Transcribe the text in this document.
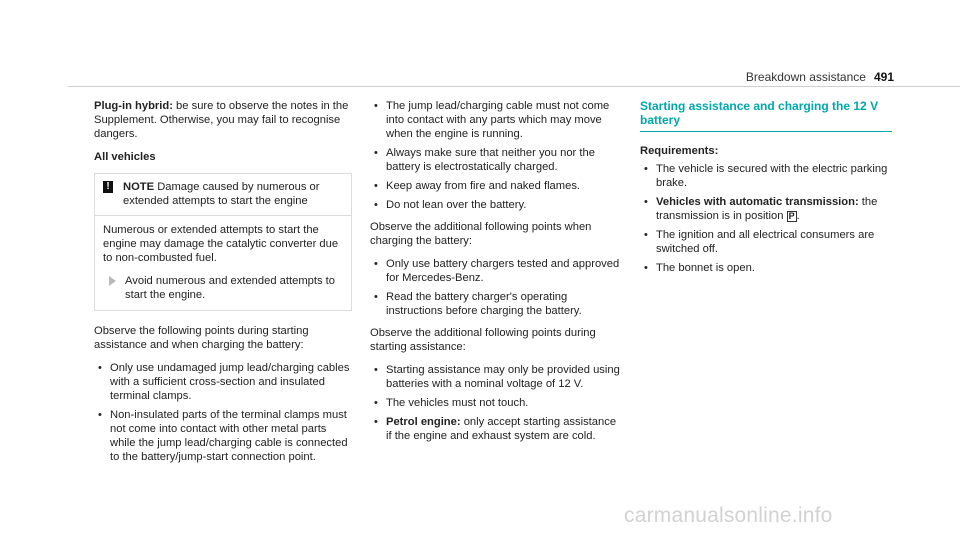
Breakdown assistance 491

Plug-in hybrid: be sure to observe the notes in the Supplement. Otherwise, you may fail to recognise dangers.

All vehicles

! NOTE Damage caused by numerous or extended attempts to start the engine

Numerous or extended attempts to start the engine may damage the catalytic converter due to non-combusted fuel.

Avoid numerous and extended attempts to start the engine.

Observe the following points during starting assistance and when charging the battery:

• Only use undamaged jump lead/charging cables with a sufficient cross-section and insulated terminal clamps.
• Non-insulated parts of the terminal clamps must not come into contact with other metal parts while the jump lead/charging cable is connected to the battery/jump-start connection point.
• The jump lead/charging cable must not come into contact with any parts which may move when the engine is running.
• Always make sure that neither you nor the battery is electrostatically charged.
• Keep away from fire and naked flames.
• Do not lean over the battery.

Observe the additional following points when charging the battery:

• Only use battery chargers tested and approved for Mercedes-Benz.
• Read the battery charger's operating instructions before charging the battery.

Observe the additional following points during starting assistance:

• Starting assistance may only be provided using batteries with a nominal voltage of 12 V.
• The vehicles must not touch.
• Petrol engine: only accept starting assistance if the engine and exhaust system are cold.
Starting assistance and charging the 12 V battery

Requirements:

• The vehicle is secured with the electric parking brake.
• Vehicles with automatic transmission: the transmission is in position P .
• The ignition and all electrical consumers are switched off.
• The bonnet is open.
carmanualsonline.info
